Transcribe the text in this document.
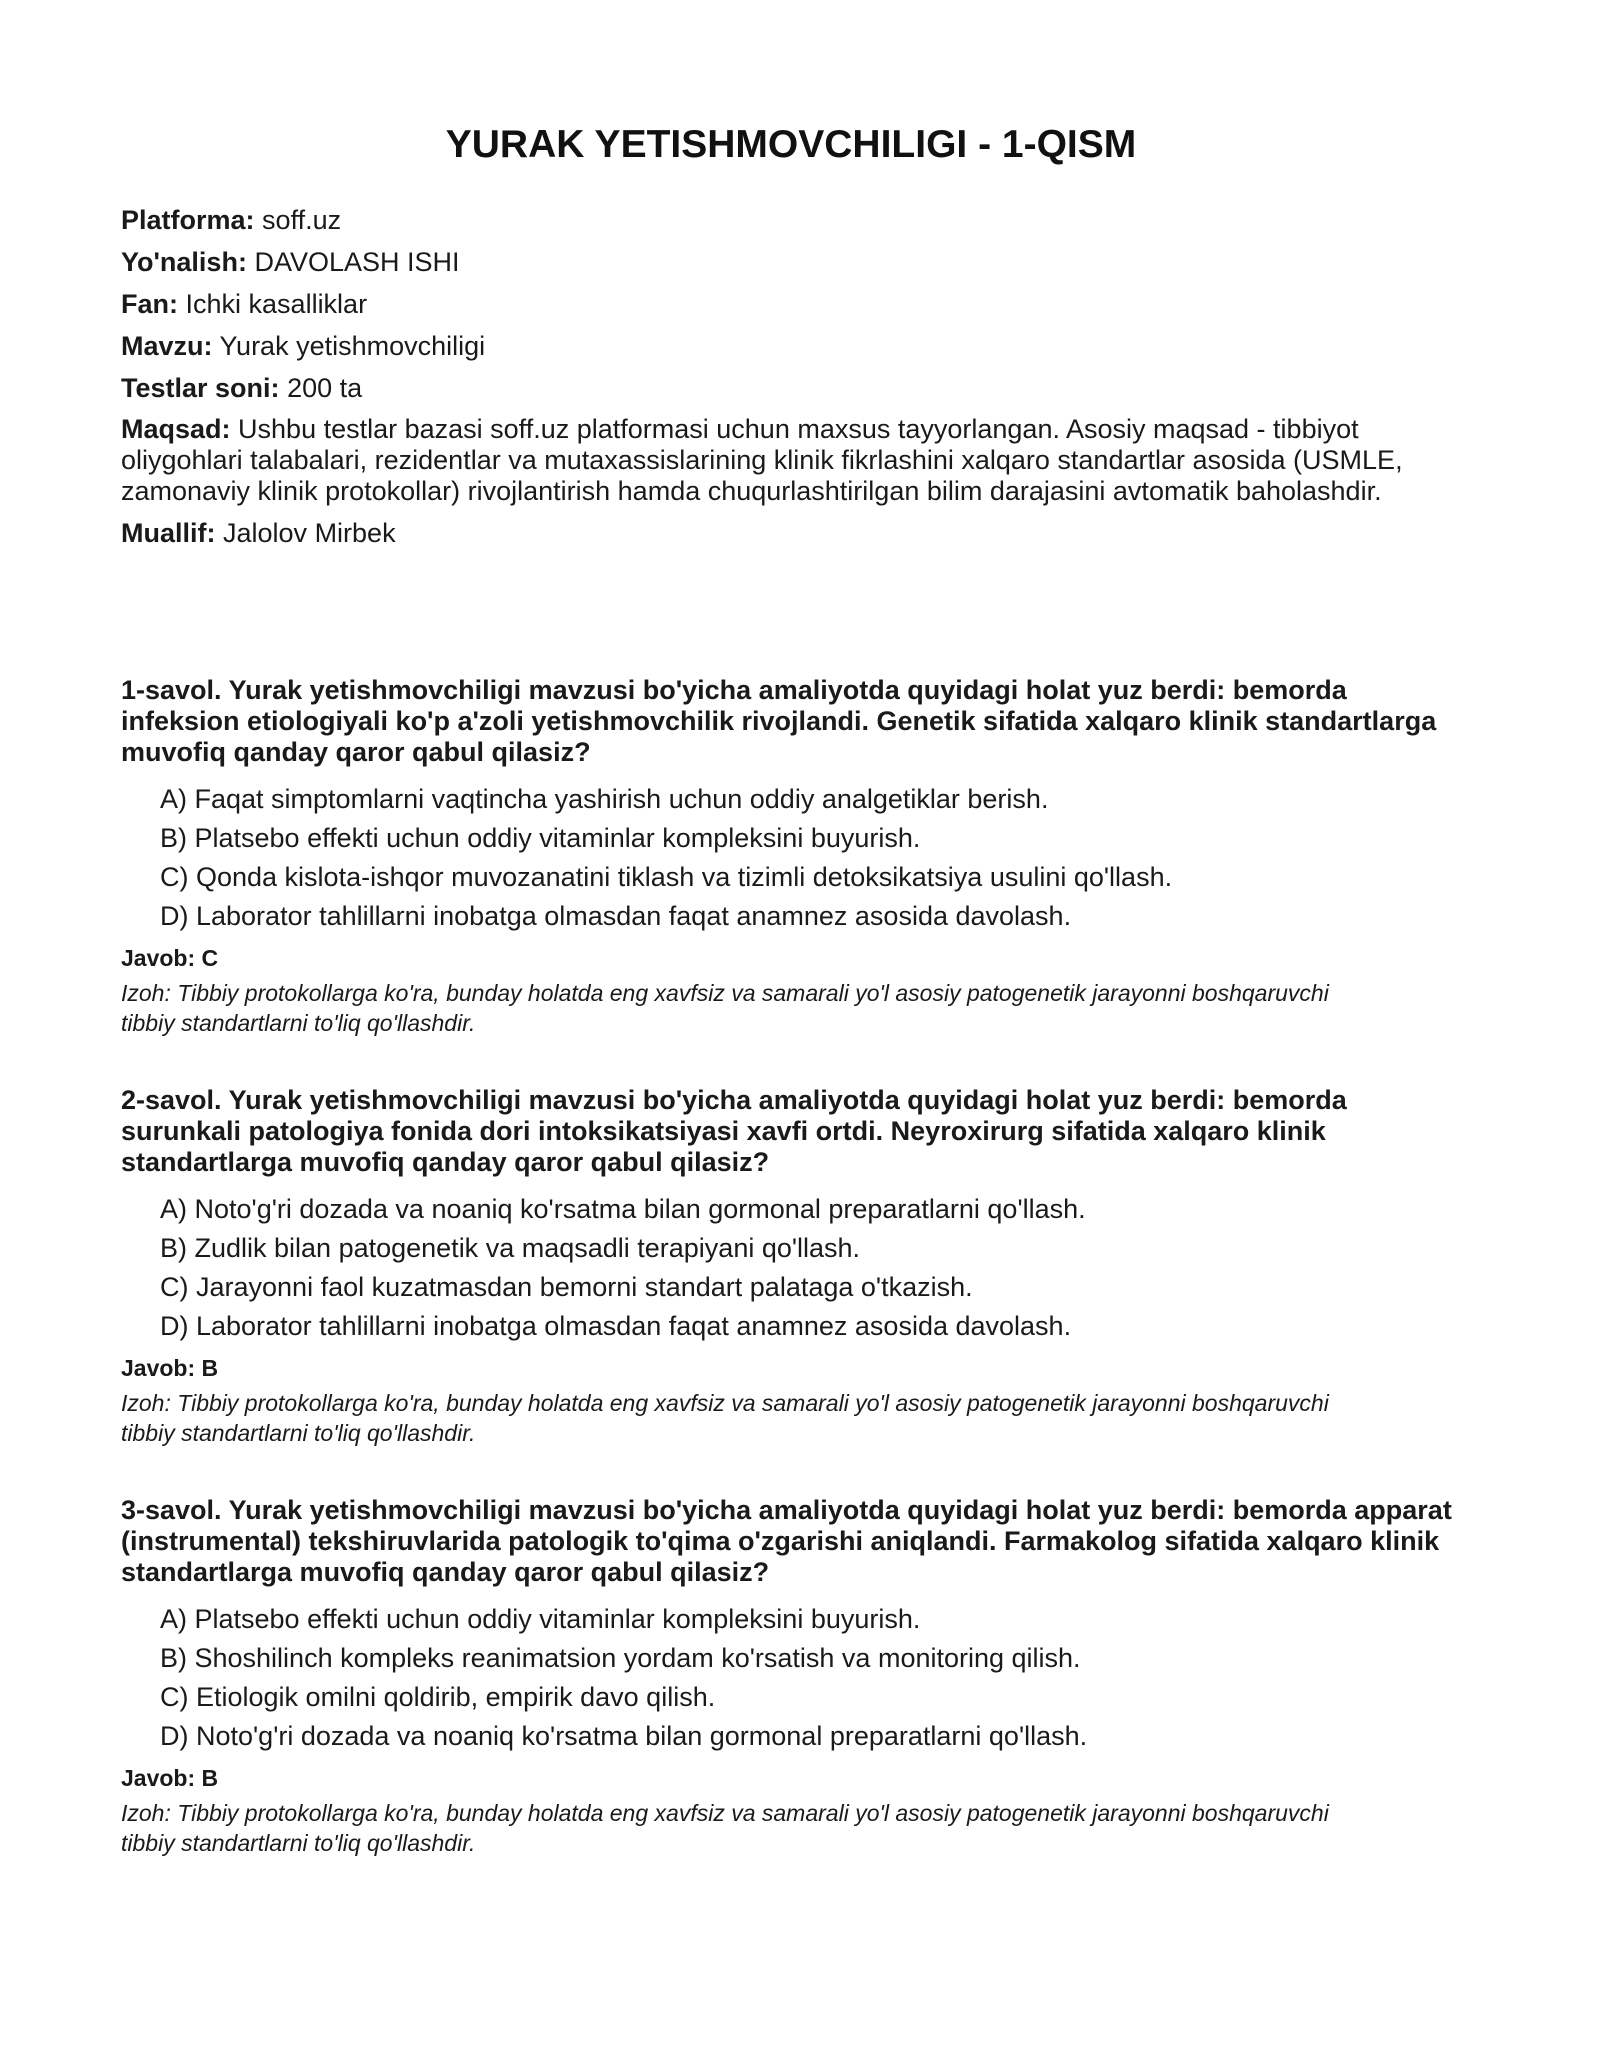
YURAK YETISHMOVCHILIGI - 1-QISM

Platforma: soff.uz

Yo'nalish: DAVOLASH ISHI

Fan: Ichki kasalliklar

Mavzu: Yurak yetishmovchiligi

Testlar soni: 200 ta

Maqsad: Ushbu testlar bazasi soff.uz platformasi uchun maxsus tayyorlangan. Asosiy maqsad - tibbiyot oliygohlari talabalari, rezidentlar va mutaxassislarining klinik fikrlashini xalqaro standartlar asosida (USMLE, zamonaviy klinik protokollar) rivojlantirish hamda chuqurlashtirilgan bilim darajasini avtomatik baholashdir.

Muallif: Jalolov Mirbek

1-savol. Yurak yetishmovchiligi mavzusi bo'yicha amaliyotda quyidagi holat yuz berdi: bemorda infeksion etiologiyali ko'p a'zoli yetishmovchilik rivojlandi. Genetik sifatida xalqaro klinik standartlarga muvofiq qanday qaror qabul qilasiz?

A) Faqat simptomlarni vaqtincha yashirish uchun oddiy analgetiklar berish.
B) Platsebo effekti uchun oddiy vitaminlar kompleksini buyurish.
C) Qonda kislota-ishqor muvozanatini tiklash va tizimli detoksikatsiya usulini qo'llash.
D) Laborator tahlillarni inobatga olmasdan faqat anamnez asosida davolash.

Javob: C

Izoh: Tibbiy protokollarga ko'ra, bunday holatda eng xavfsiz va samarali yo'l asosiy patogenetik jarayonni boshqaruvchi tibbiy standartlarni to'liq qo'llashdir.

2-savol. Yurak yetishmovchiligi mavzusi bo'yicha amaliyotda quyidagi holat yuz berdi: bemorda surunkali patologiya fonida dori intoksikatsiyasi xavfi ortdi. Neyroxirurg sifatida xalqaro klinik standartlarga muvofiq qanday qaror qabul qilasiz?

A) Noto'g'ri dozada va noaniq ko'rsatma bilan gormonal preparatlarni qo'llash.
B) Zudlik bilan patogenetik va maqsadli terapiyani qo'llash.
C) Jarayonni faol kuzatmasdan bemorni standart palataga o'tkazish.
D) Laborator tahlillarni inobatga olmasdan faqat anamnez asosida davolash.

Javob: B

Izoh: Tibbiy protokollarga ko'ra, bunday holatda eng xavfsiz va samarali yo'l asosiy patogenetik jarayonni boshqaruvchi tibbiy standartlarni to'liq qo'llashdir.

3-savol. Yurak yetishmovchiligi mavzusi bo'yicha amaliyotda quyidagi holat yuz berdi: bemorda apparat (instrumental) tekshiruvlarida patologik to'qima o'zgarishi aniqlandi. Farmakolog sifatida xalqaro klinik standartlarga muvofiq qanday qaror qabul qilasiz?

A) Platsebo effekti uchun oddiy vitaminlar kompleksini buyurish.
B) Shoshilinch kompleks reanimatsion yordam ko'rsatish va monitoring qilish.
C) Etiologik omilni qoldirib, empirik davo qilish.
D) Noto'g'ri dozada va noaniq ko'rsatma bilan gormonal preparatlarni qo'llash.

Javob: B

Izoh: Tibbiy protokollarga ko'ra, bunday holatda eng xavfsiz va samarali yo'l asosiy patogenetik jarayonni boshqaruvchi tibbiy standartlarni to'liq qo'llashdir.
